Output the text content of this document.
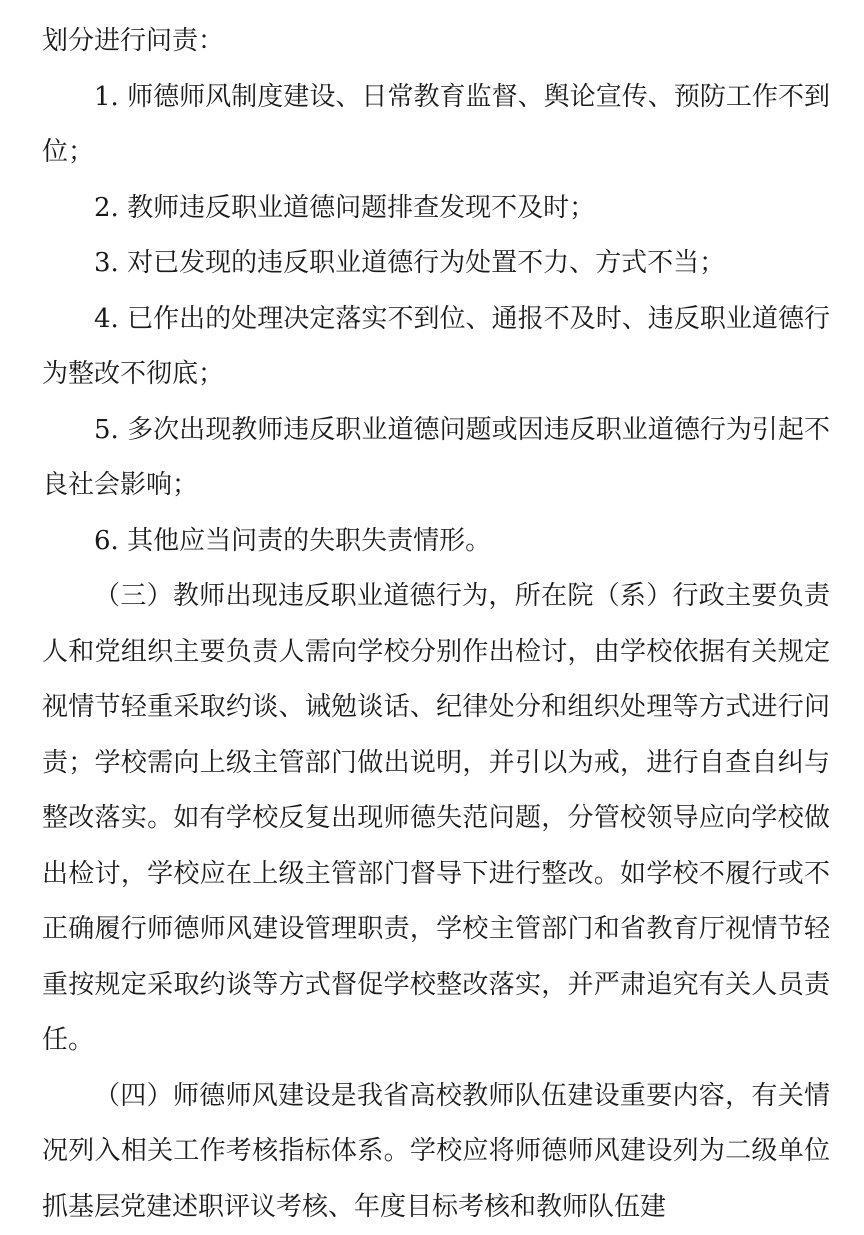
划分进行问责：

1. 师德师风制度建设、日常教育监督、舆论宣传、预防工作不到位；

2. 教师违反职业道德问题排查发现不及时；

3. 对已发现的违反职业道德行为处置不力、方式不当；

4. 已作出的处理决定落实不到位、通报不及时、违反职业道德行为整改不彻底；

5. 多次出现教师违反职业道德问题或因违反职业道德行为引起不良社会影响；

6. 其他应当问责的失职失责情形。

（三）教师出现违反职业道德行为，所在院（系）行政主要负责人和党组织主要负责人需向学校分别作出检讨，由学校依据有关规定视情节轻重采取约谈、诫勉谈话、纪律处分和组织处理等方式进行问责；学校需向上级主管部门做出说明，并引以为戒，进行自查自纠与整改落实。如有学校反复出现师德失范问题，分管校领导应向学校做出检讨，学校应在上级主管部门督导下进行整改。如学校不履行或不正确履行师德师风建设管理职责，学校主管部门和省教育厅视情节轻重按规定采取约谈等方式督促学校整改落实，并严肃追究有关人员责任。

（四）师德师风建设是我省高校教师队伍建设重要内容，有关情况列入相关工作考核指标体系。学校应将师德师风建设列为二级单位抓基层党建述职评议考核、年度目标考核和教师队伍建
